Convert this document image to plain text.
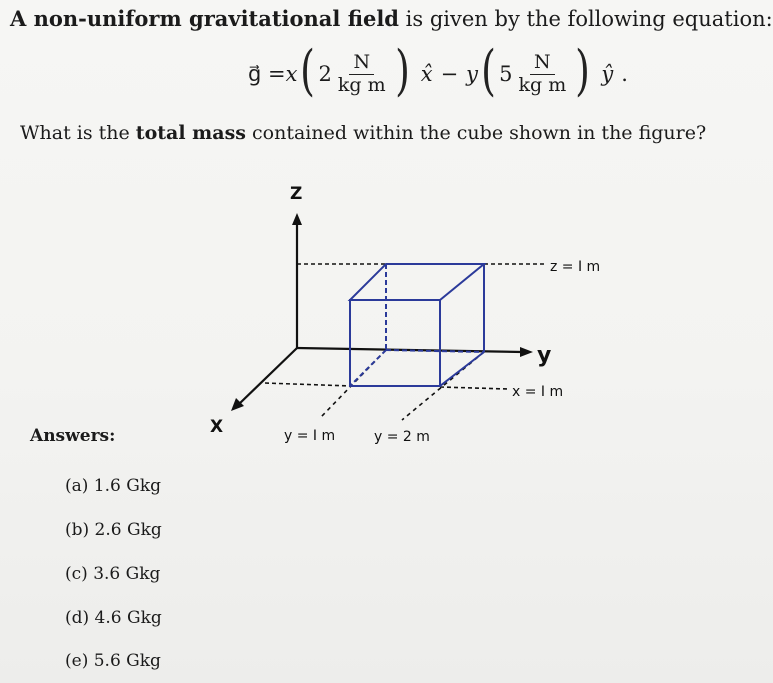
A non-uniform gravitational field is given by the following equation:
g⃗ = x ( $2 \frac{N}{\text{kg m}}$ ) x̂ − y ( $5 \frac{N}{\text{kg m}}$ ) ŷ .
What is the total mass contained within the cube shown in the figure?
Z
y
X
z = I m
x = I m
y = I m	y = 2 m
Answers:
(a) 1.6 Gkg
(b) 2.6 Gkg
(c) 3.6 Gkg
(d) 4.6 Gkg
(e) 5.6 Gkg
